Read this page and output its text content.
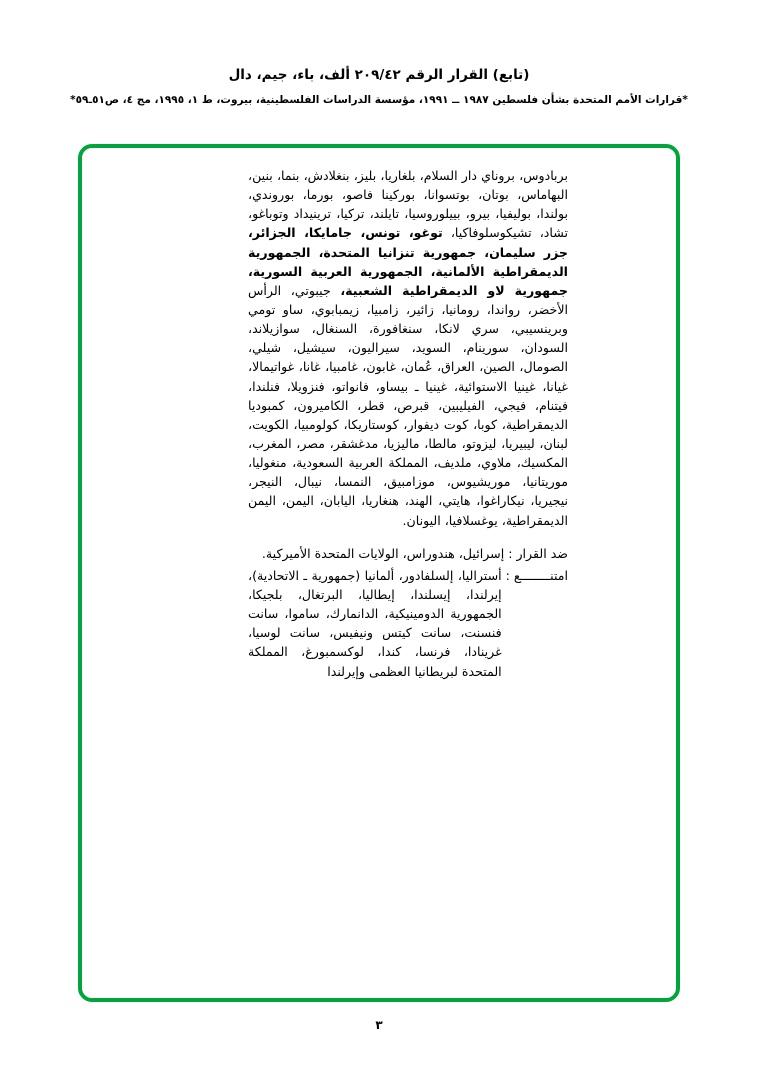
(تابع) القرار الرقم ٢٠٩/٤٢ ألف، باء، جيم، دال
*قرارات الأمم المتحدة بشأن فلسطين ١٩٨٧ ــ ١٩٩١، مؤسسة الدراسات الفلسطينية، بيروت، ط ١، ١٩٩٥، مج ٤، ص٥١ـ٥٩*

بربادوس، بروناي دار السلام، بلغاريا، بليز، بنغلادش، بنما، بنين، البهاماس، بوتان، بوتسوانا، بوركينا فاصو، بورما، بوروندي، بولندا، بوليفيا، بيرو، بييلوروسيا، تايلند، تركيا، ترينيداد وتوباغو، تشاد، تشيكوسلوفاكيا، توغو، تونس، جامايكا، الجزائر، جزر سليمان، جمهورية تنزانيا المتحدة، الجمهورية الديمقراطية الألمانية، الجمهورية العربية السورية، جمهورية لاو الديمقراطية الشعبية، جيبوتي، الرأس الأخضر، رواندا، رومانيا، زائير، زامبيا، زيمبابوي، ساو تومي وبرينسيبي، سري لانكا، سنغافورة، السنغال، سوازيلاند، السودان، سورينام، السويد، سيراليون، سيشيل، شيلي، الصومال، الصين، العراق، عُمان، غابون، غامبيا، غانا، غواتيمالا، غيانا، غينيا الاستوائية، غينيا ـ بيساو، فانواتو، فنزويلا، فنلندا، فيتنام، فيجي، الفيليبين، قبرص، قطر، الكاميرون، كمبوديا الديمقراطية، كوبا، كوت ديفوار، كوستاريكا، كولومبيا، الكويت، لبنان، ليبيريا، ليزوتو، مالطا، ماليزيا، مدغشقر، مصر، المغرب، المكسيك، ملاوي، ملديف، المملكة العربية السعودية، منغوليا، موريتانيا، موريشيوس، موزامبيق، النمسا، نيبال، النيجر، نيجيريا، نيكاراغوا، هايتي، الهند، هنغاريا، اليابان، اليمن، اليمن الديمقراطية، يوغسلافيا، اليونان.

ضد القرار
:
إسرائيل، هندوراس، الولايات المتحدة الأميركية.
امتنــــــــع
:
أستراليا، إلسلفادور، ألمانيا (جمهورية ـ الاتحادية)، إيرلندا، إيسلندا، إيطاليا، البرتغال، بلجيكا، الجمهورية الدومينيكية، الدانمارك، ساموا، سانت فنسنت، سانت كيتس ونيفيس، سانت لوسيا، غرينادا، فرنسا، كندا، لوكسمبورغ، المملكة المتحدة لبريطانيا العظمى وإيرلندا
٣
